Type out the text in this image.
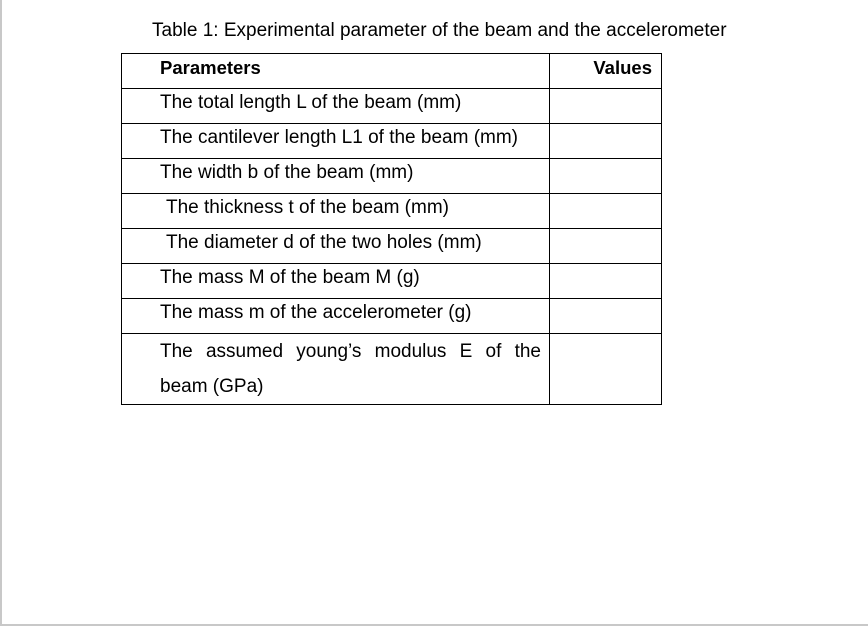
Table 1: Experimental parameter of the beam and the accelerometer
Parameters	Values
The total length L of the beam (mm)	
The cantilever length L1 of the beam (mm)	
The width b of the beam (mm)	
The thickness t of the beam (mm)	
The diameter d of the two holes (mm)	
The mass M of the beam M (g)	
The mass m of the accelerometer (g)	
The assumed young’s modulus E of the beam (GPa)	
